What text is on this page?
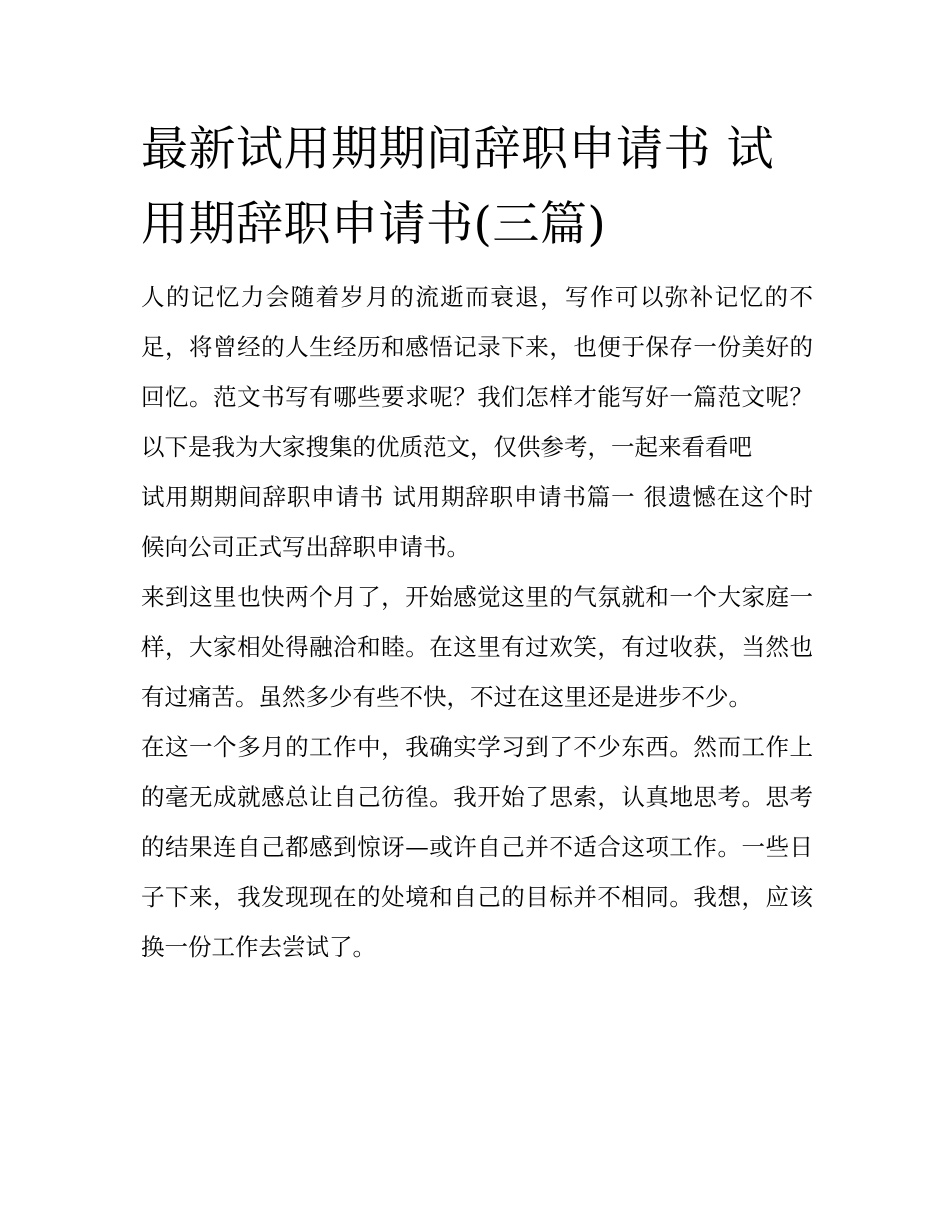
最新试用期期间辞职申请书 试用期辞职申请书(三篇)

人的记忆力会随着岁月的流逝而衰退，写作可以弥补记忆的不足，将曾经的人生经历和感悟记录下来，也便于保存一份美好的回忆。范文书写有哪些要求呢？我们怎样才能写好一篇范文呢？以下是我为大家搜集的优质范文，仅供参考，一起来看看吧

试用期期间辞职申请书 试用期辞职申请书篇一 很遗憾在这个时候向公司正式写出辞职申请书。

来到这里也快两个月了，开始感觉这里的气氛就和一个大家庭一样，大家相处得融洽和睦。在这里有过欢笑，有过收获，当然也有过痛苦。虽然多少有些不快，不过在这里还是进步不少。

在这一个多月的工作中，我确实学习到了不少东西。然而工作上的毫无成就感总让自己彷徨。我开始了思索，认真地思考。思考的结果连自己都感到惊讶—或许自己并不适合这项工作。一些日子下来，我发现现在的处境和自己的目标并不相同。我想，应该换一份工作去尝试了。
